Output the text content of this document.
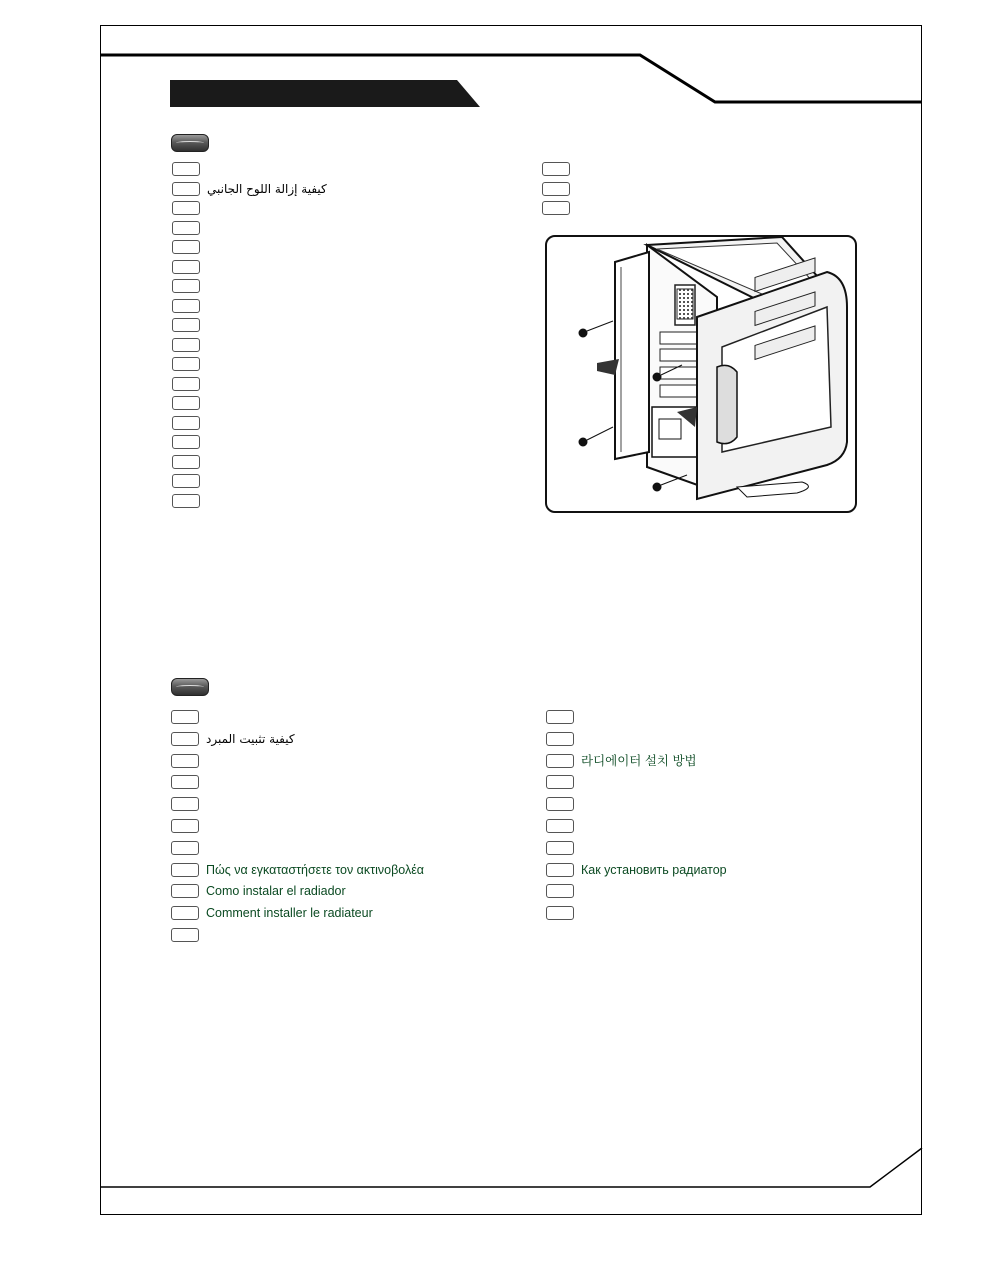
كيفية إزالة اللوح الجانبي
كيفية تثبيت المبرد
Πώς να εγκαταστήσετε τον ακτινοβολέα
Como instalar el radiador
Comment installer le radiateur
라디에이터 설치 방법
Как установить радиатор
